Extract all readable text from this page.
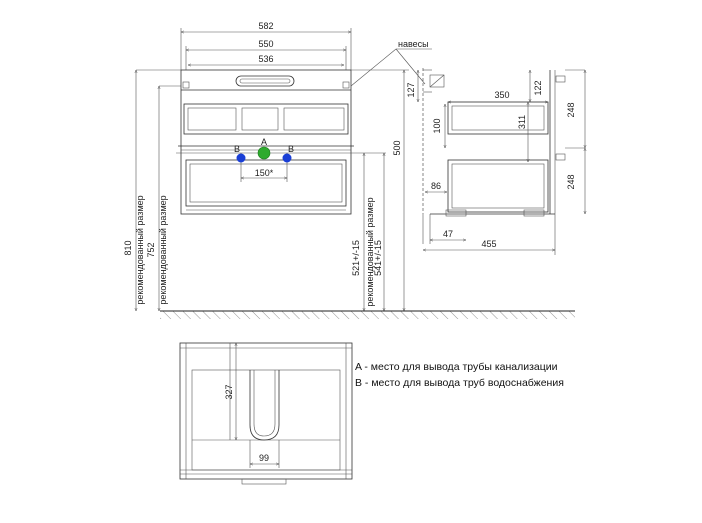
582
550
536
навесы
150*
A
B	B
810 рекомендованный размер 752 рекомендованный размер	521+/-15 рекомендованный размер
541+/-15
500
127	350	122
248
100	311
86	248
47
455
327
99
A - место для вывода трубы канализации
B - место для вывода труб водоснабжения
